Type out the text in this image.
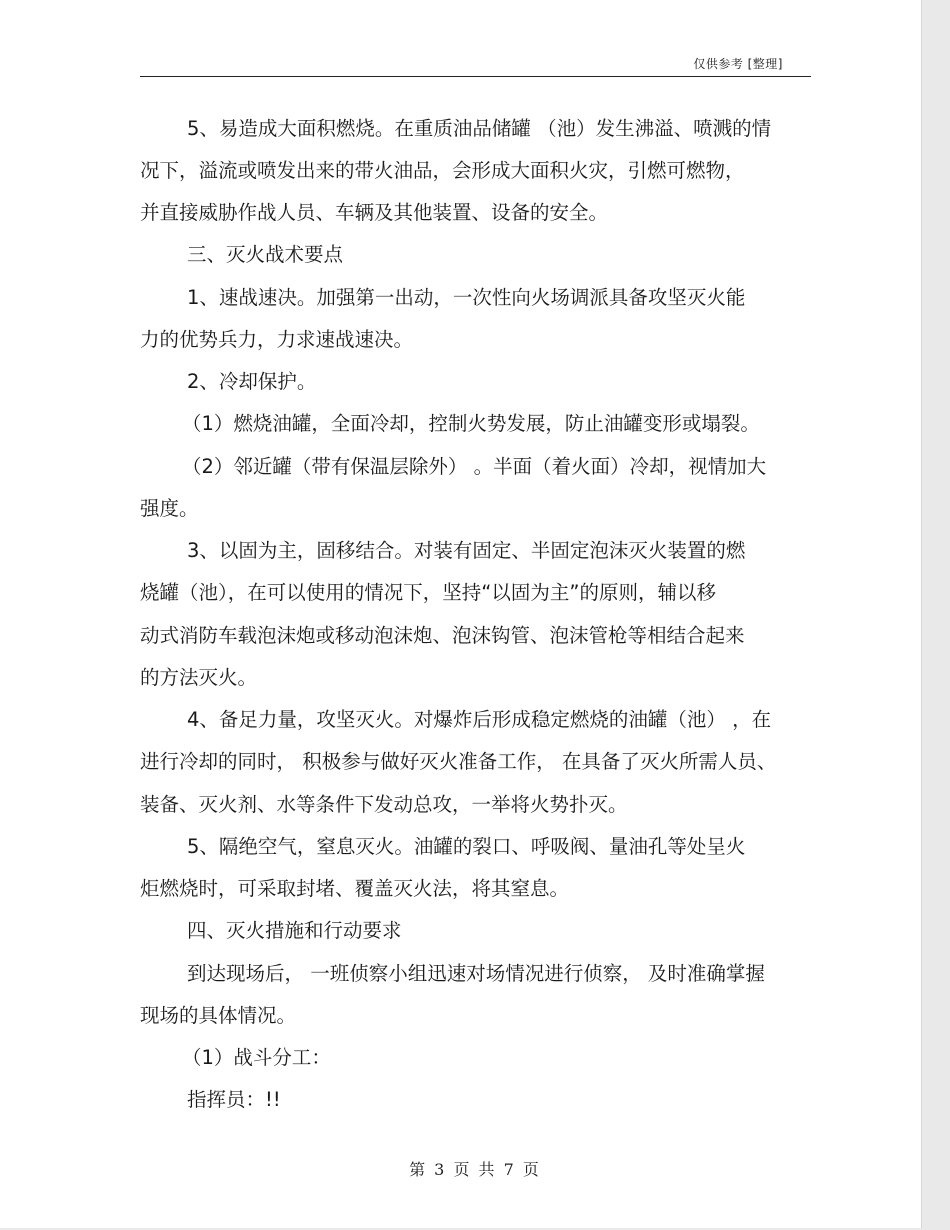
仅供参考 [整理]
5、易造成大面积燃烧。在重质油品储罐 （池）发生沸溢、喷溅的情
况下，溢流或喷发出来的带火油品，会形成大面积火灾，引燃可燃物，
并直接威胁作战人员、车辆及其他装置、设备的安全。
三、灭火战术要点
1、速战速决。加强第一出动，一次性向火场调派具备攻坚灭火能
力的优势兵力，力求速战速决。
2、冷却保护。
（1）燃烧油罐，全面冷却，控制火势发展，防止油罐变形或塌裂。
（2）邻近罐（带有保温层除外） 。半面（着火面）冷却，视情加大
强度。
3、以固为主，固移结合。对装有固定、半固定泡沫灭火装置的燃
烧罐（池），在可以使用的情况下，坚持“以固为主”的原则，辅以移
动式消防车载泡沫炮或移动泡沫炮、泡沫钩管、泡沫管枪等相结合起来
的方法灭火。
4、备足力量，攻坚灭火。对爆炸后形成稳定燃烧的油罐（池） ，在
进行冷却的同时， 积极参与做好灭火准备工作， 在具备了灭火所需人员、
装备、灭火剂、水等条件下发动总攻，一举将火势扑灭。
5、隔绝空气，窒息灭火。油罐的裂口、呼吸阀、量油孔等处呈火
炬燃烧时，可采取封堵、覆盖灭火法，将其窒息。
四、灭火措施和行动要求
到达现场后， 一班侦察小组迅速对场情况进行侦察， 及时准确掌握
现场的具体情况。
（1）战斗分工：
指挥员：!!
第 3 页 共 7 页
